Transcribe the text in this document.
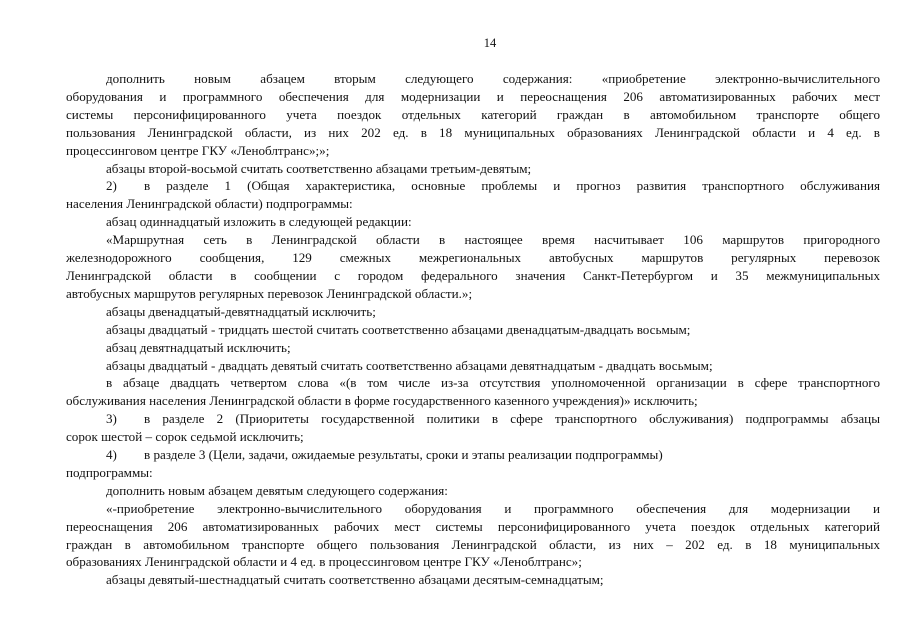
14
дополнить новым абзацем вторым следующего содержания: «приобретение электронно-вычислительного
оборудования и программного обеспечения для модернизации и переоснащения 206 автоматизированных рабочих мест
системы персонифицированного учета поездок отдельных категорий граждан в автомобильном транспорте общего
пользования Ленинградской области, из них 202 ед. в 18 муниципальных образованиях Ленинградской области и 4 ед. в
процессинговом центре ГКУ «Леноблтранс»;»;
абзацы второй-восьмой считать соответственно абзацами третьим-девятым;
2) в разделе 1 (Общая характеристика, основные проблемы и прогноз развития транспортного обслуживания
населения Ленинградской области) подпрограммы:
абзац одиннадцатый изложить в следующей редакции:
«Маршрутная сеть в Ленинградской области в настоящее время насчитывает 106 маршрутов пригородного
железнодорожного сообщения, 129 смежных межрегиональных автобусных маршрутов регулярных перевозок
Ленинградской области в сообщении с городом федерального значения Санкт-Петербургом и 35 межмуниципальных
автобусных маршрутов регулярных перевозок Ленинградской области.»;
абзацы двенадцатый-девятнадцатый исключить;
абзацы двадцатый - тридцать шестой считать соответственно абзацами двенадцатым-двадцать восьмым;
абзац девятнадцатый исключить;
абзацы двадцатый - двадцать девятый считать соответственно абзацами девятнадцатым - двадцать восьмым;
в абзаце двадцать четвертом слова «(в том числе из-за отсутствия уполномоченной организации в сфере транспортного
обслуживания населения Ленинградской области в форме государственного казенного учреждения)» исключить;
3) в разделе 2 (Приоритеты государственной политики в сфере транспортного обслуживания) подпрограммы абзацы
сорок шестой – сорок седьмой исключить;
4) в разделе 3 (Цели, задачи, ожидаемые результаты, сроки и этапы реализации подпрограммы)
подпрограммы:
дополнить новым абзацем девятым следующего содержания:
«-приобретение электронно-вычислительного оборудования и программного обеспечения для модернизации и
переоснащения 206 автоматизированных рабочих мест системы персонифицированного учета поездок отдельных категорий
граждан в автомобильном транспорте общего пользования Ленинградской области, из них – 202 ед. в 18 муниципальных
образованиях Ленинградской области и 4 ед. в процессинговом центре ГКУ «Леноблтранс»;
абзацы девятый-шестнадцатый считать соответственно абзацами десятым-семнадцатым;
